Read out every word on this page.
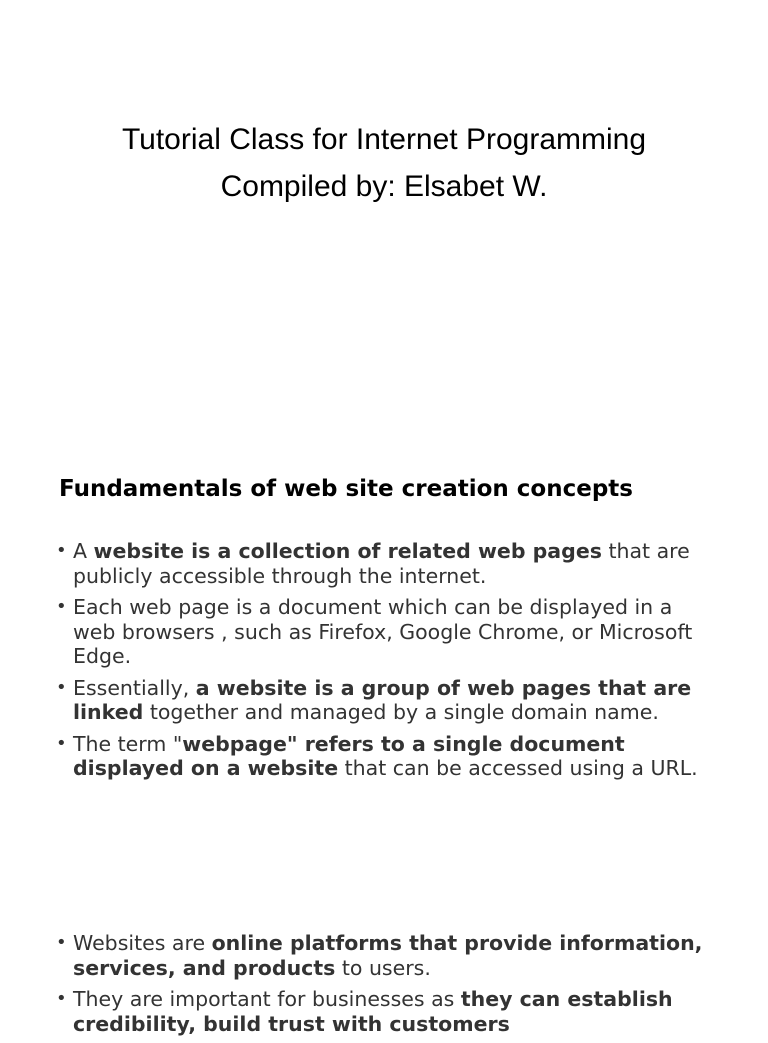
Tutorial Class for Internet Programming
Compiled by: Elsabet W.
Fundamentals of web site creation concepts
• A website is a collection of related web pages that are publicly accessible through the internet.
• Each web page is a document which can be displayed in a web browsers , such as Firefox, Google Chrome, or Microsoft Edge.
• Essentially, a website is a group of web pages that are linked together and managed by a single domain name.
• The term "webpage" refers to a single document displayed on a website that can be accessed using a URL.
• Websites are online platforms that provide information, services, and products to users.
• They are important for businesses as they can establish credibility, build trust with customers
